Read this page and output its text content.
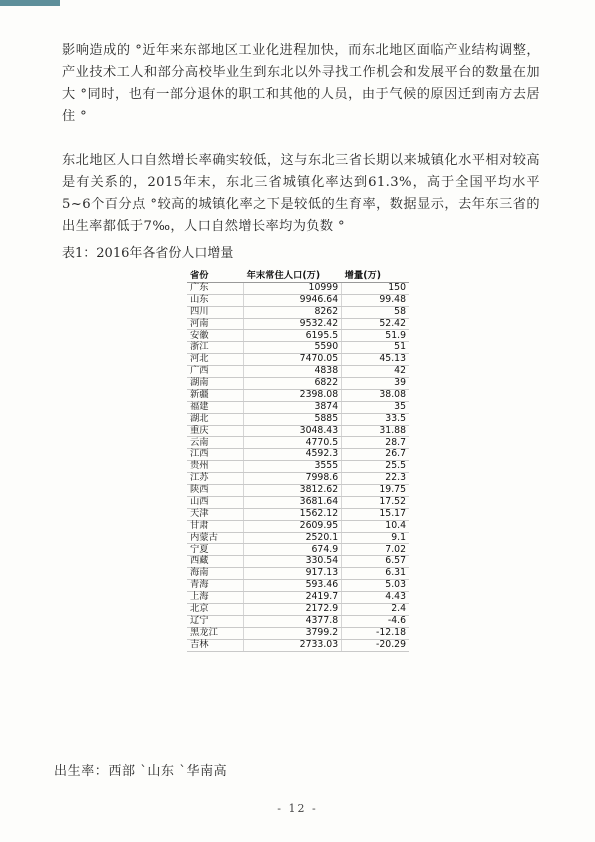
影响造成的 °近年来东部地区工业化进程加快，而东北地区面临产业结构调整，产业技术工人和部分高校毕业生到东北以外寻找工作机会和发展平台的数量在加大 °同时，也有一部分退休的职工和其他的人员，由于气候的原因迁到南方去居住 °

东北地区人口自然增长率确实较低，这与东北三省长期以来城镇化水平相对较高是有关系的，2015年末，东北三省城镇化率达到61.3%，高于全国平均水平5~6个百分点 °较高的城镇化率之下是较低的生育率，数据显示，去年东三省的出生率都低于7‰，人口自然增长率均为负数 °

表1：2016年各省份人口增量
省份	年末常住人口(万)	增量(万)
广东	10999	150
山东	9946.64	99.48
四川	8262	58
河南	9532.42	52.42
安徽	6195.5	51.9
浙江	5590	51
河北	7470.05	45.13
广西	4838	42
湖南	6822	39
新疆	2398.08	38.08
福建	3874	35
湖北	5885	33.5
重庆	3048.43	31.88
云南	4770.5	28.7
江西	4592.3	26.7
贵州	3555	25.5
江苏	7998.6	22.3
陕西	3812.62	19.75
山西	3681.64	17.52
天津	1562.12	15.17
甘肃	2609.95	10.4
内蒙古	2520.1	9.1
宁夏	674.9	7.02
西藏	330.54	6.57
海南	917.13	6.31
青海	593.46	5.03
上海	2419.7	4.43
北京	2172.9	2.4
辽宁	4377.8	-4.6
黑龙江	3799.2	-12.18
吉林	2733.03	-20.29
出生率：西部 ˋ山东 ˋ华南高
- 12 -
